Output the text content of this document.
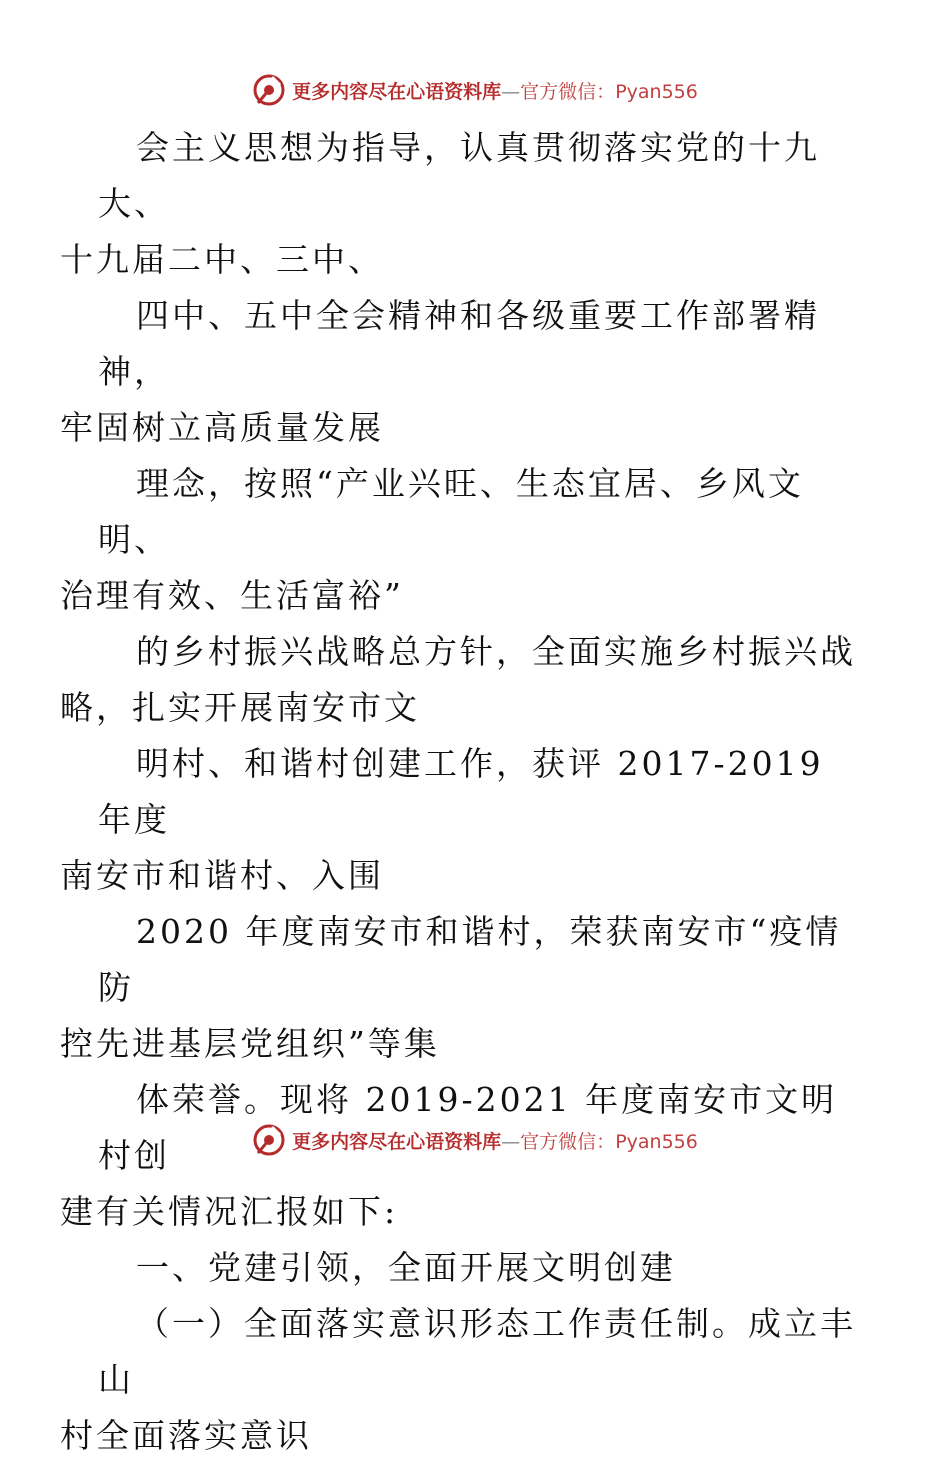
更多内容尽在心语资料库—官方微信：Pyan556

会主义思想为指导，认真贯彻落实党的十九大、
十九届二中、三中、

四中、五中全会精神和各级重要工作部署精神，
牢固树立高质量发展

理念，按照“产业兴旺、生态宜居、乡风文明、
治理有效、生活富裕”

的乡村振兴战略总方针，全面实施乡村振兴战
略，扎实开展南安市文

明村、和谐村创建工作，获评 2017-2019 年度
南安市和谐村、入围

2020 年度南安市和谐村，荣获南安市“疫情防
控先进基层党组织”等集

体荣誉。现将 2019-2021 年度南安市文明村创
建有关情况汇报如下:

一、党建引领，全面开展文明创建

（一）全面落实意识形态工作责任制。成立丰山
村全面落实意识

更多内容尽在心语资料库—官方微信：Pyan556
